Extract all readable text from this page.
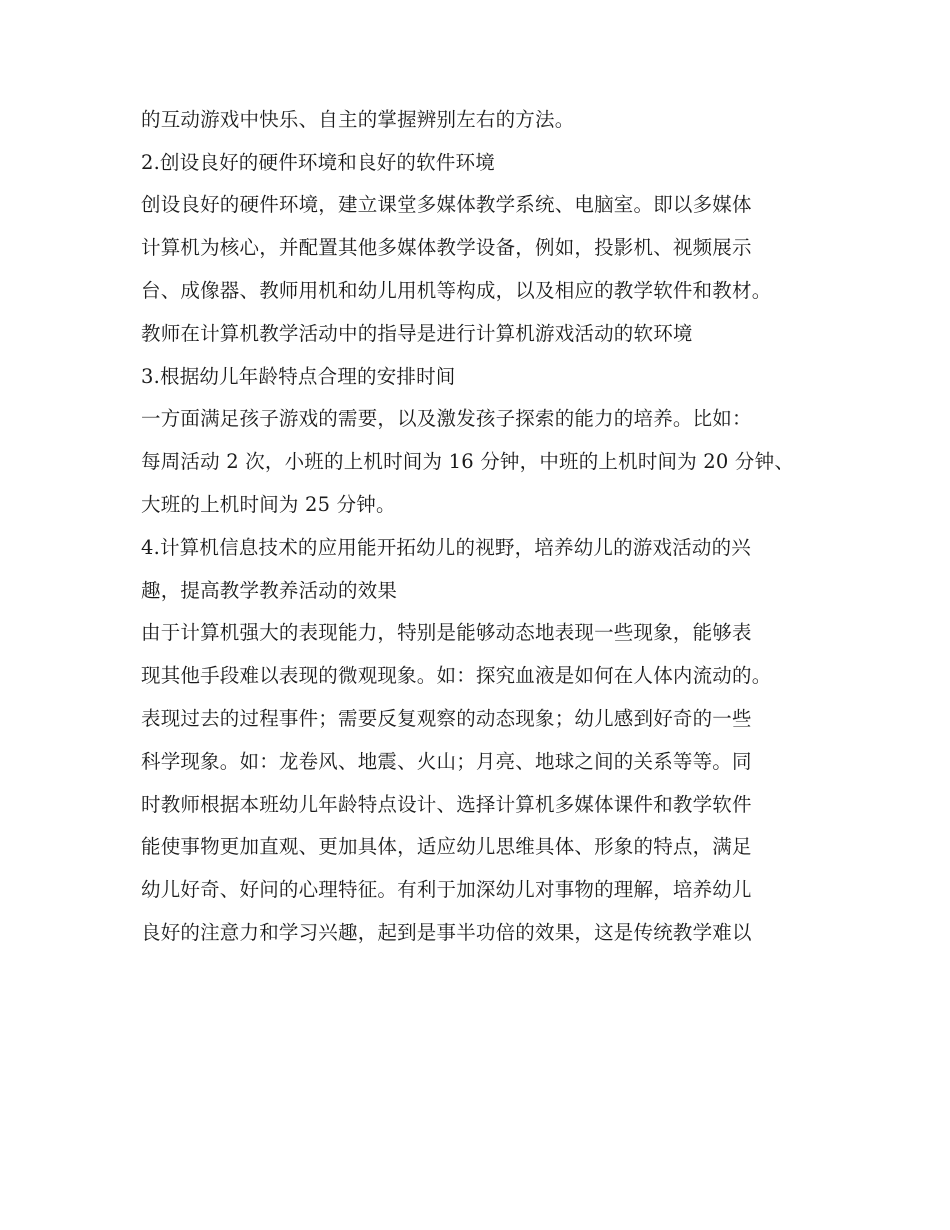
的互动游戏中快乐、自主的掌握辨别左右的方法。
2.创设良好的硬件环境和良好的软件环境
创设良好的硬件环境，建立课堂多媒体教学系统、电脑室。即以多媒体
计算机为核心，并配置其他多媒体教学设备，例如，投影机、视频展示
台、成像器、教师用机和幼儿用机等构成，以及相应的教学软件和教材。
教师在计算机教学活动中的指导是进行计算机游戏活动的软环境
3.根据幼儿年龄特点合理的安排时间
一方面满足孩子游戏的需要，以及激发孩子探索的能力的培养。比如：
每周活动 2 次，小班的上机时间为 16 分钟，中班的上机时间为 20 分钟、
大班的上机时间为 25 分钟。
4.计算机信息技术的应用能开拓幼儿的视野，培养幼儿的游戏活动的兴
趣，提高教学教养活动的效果
由于计算机强大的表现能力，特别是能够动态地表现一些现象，能够表
现其他手段难以表现的微观现象。如：探究血液是如何在人体内流动的。
表现过去的过程事件；需要反复观察的动态现象；幼儿感到好奇的一些
科学现象。如：龙卷风、地震、火山；月亮、地球之间的关系等等。同
时教师根据本班幼儿年龄特点设计、选择计算机多媒体课件和教学软件
能使事物更加直观、更加具体，适应幼儿思维具体、形象的特点，满足
幼儿好奇、好问的心理特征。有利于加深幼儿对事物的理解，培养幼儿
良好的注意力和学习兴趣，起到是事半功倍的效果，这是传统教学难以
